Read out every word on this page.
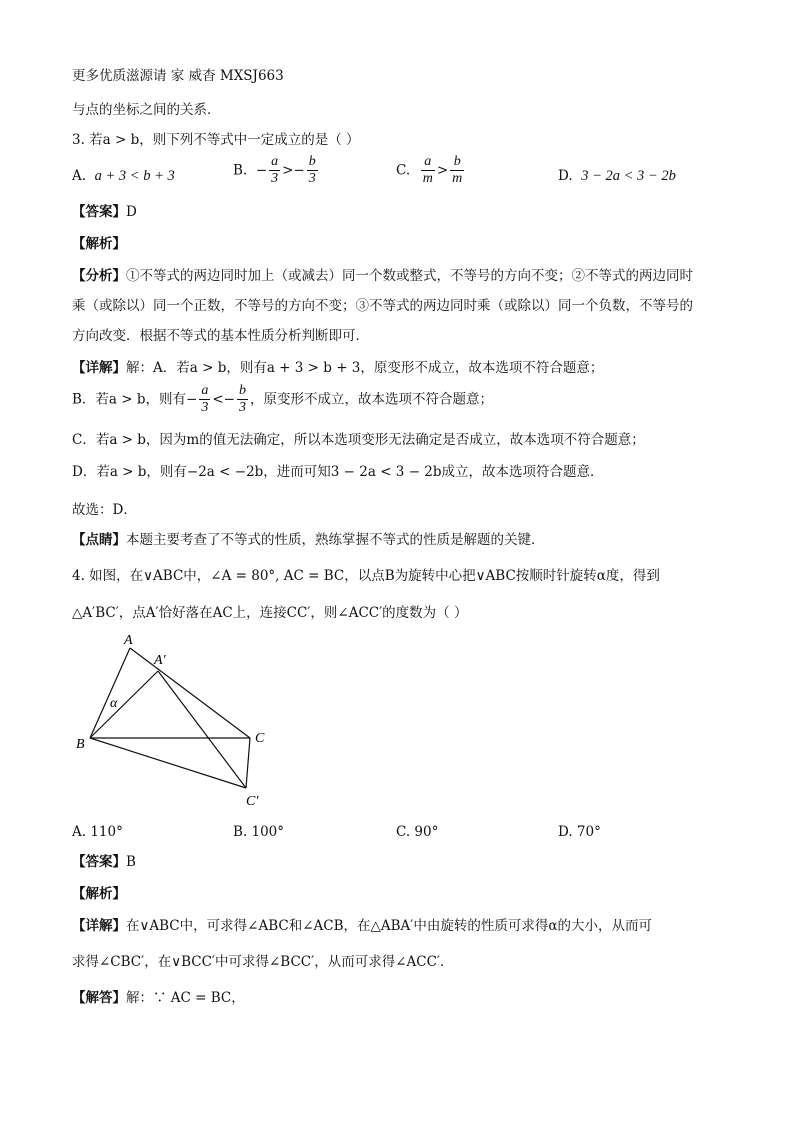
更多优质滋源请 家 威杳 MXSJ663
与点的坐标之间的关系．
3. 若a > b，则下列不等式中一定成立的是（ ）
A. a + 3 < b + 3	B. − $\frac{a}{3} >- \frac{b}{3}$	C. $\frac{a}{m} > \frac{b}{m}$	D. 3 − 2a < 3 − 2b
【答案】D
【解析】
【分析】①不等式的两边同时加上（或减去）同一个数或整式，不等号的方向不变；②不等式的两边同时
乘（或除以）同一个正数，不等号的方向不变；③不等式的两边同时乘（或除以）同一个负数，不等号的
方向改变．根据不等式的基本性质分析判断即可．
【详解】解：A．若a > b，则有a + 3 > b + 3，原变形不成立，故本选项不符合题意；
B．若a > b，则有− $\frac{a}{3} <- \frac{b}{3}$ ，原变形不成立，故本选项不符合题意；
C．若a > b，因为m的值无法确定，所以本选项变形无法确定是否成立，故本选项不符合题意；
D．若a > b，则有−2a < −2b，进而可知3 − 2a < 3 − 2b成立，故本选项符合题意．
故选：D．
【点睛】本题主要考查了不等式的性质，熟练掌握不等式的性质是解题的关键．
4. 如图，在∨ABC中，∠A = 80°, AC = BC，以点B为旋转中心把∨ABC按顺时针旋转α度，得到
△A′BC′，点A′恰好落在AC上，连接CC′，则∠ACC′的度数为（ ）
A
A′
B	C
C′
α
A. 110°	B. 100°	C. 90°	D. 70°
【答案】B
【解析】
【详解】在∨ABC中，可求得∠ABC和∠ACB，在△ABA′中由旋转的性质可求得α的大小，从而可
求得∠CBC′，在∨BCC′中可求得∠BCC′，从而可求得∠ACC′．
【解答】解：∵ AC = BC，
